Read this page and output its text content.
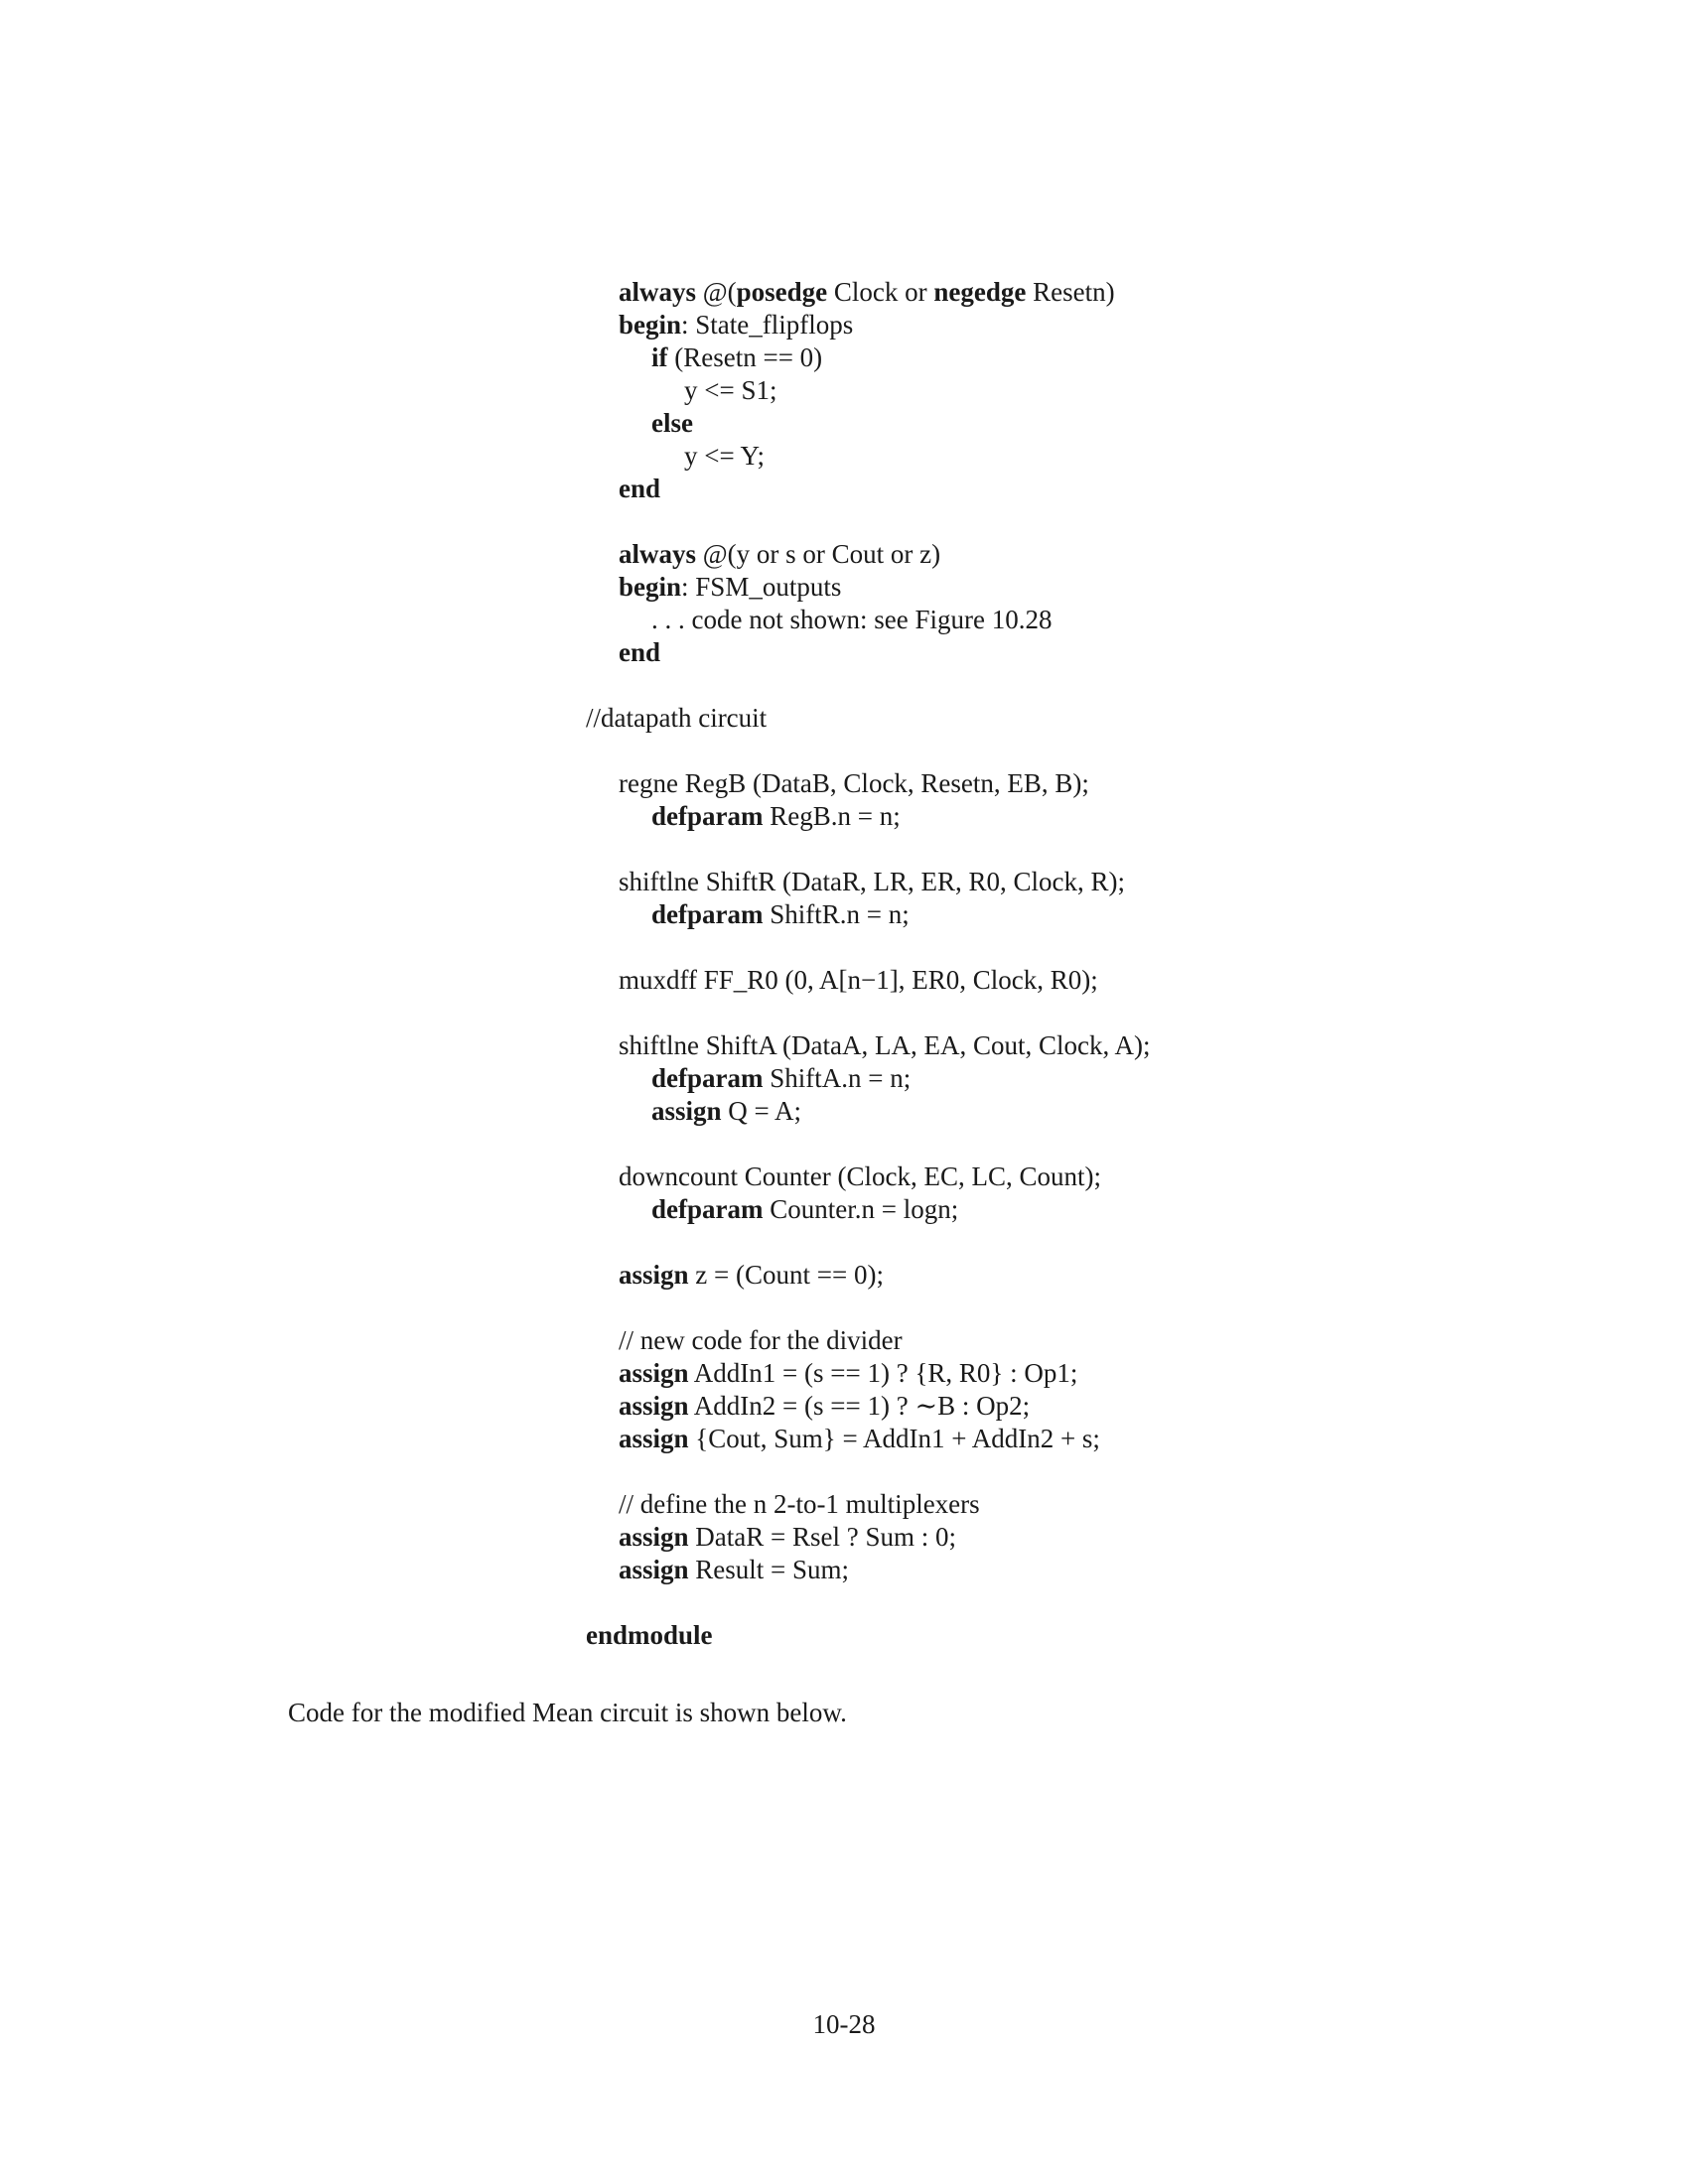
always @(posedge Clock or negedge Resetn)
begin: State_flipflops
if (Resetn == 0)
y <= S1;
else
y <= Y;
end
always @(y or s or Cout or z)
begin: FSM_outputs
. . . code not shown: see Figure 10.28
end
//datapath circuit
regne RegB (DataB, Clock, Resetn, EB, B);
defparam RegB.n = n;
shiftlne ShiftR (DataR, LR, ER, R0, Clock, R);
defparam ShiftR.n = n;
muxdff FF_R0 (0, A[n−1], ER0, Clock, R0);
shiftlne ShiftA (DataA, LA, EA, Cout, Clock, A);
defparam ShiftA.n = n;
assign Q = A;
downcount Counter (Clock, EC, LC, Count);
defparam Counter.n = logn;
assign z = (Count == 0);
// new code for the divider
assign AddIn1 = (s == 1) ? {R, R0} : Op1;
assign AddIn2 = (s == 1) ? ∼B : Op2;
assign {Cout, Sum} = AddIn1 + AddIn2 + s;
// define the n 2-to-1 multiplexers
assign DataR = Rsel ? Sum : 0;
assign Result = Sum;
endmodule
Code for the modified Mean circuit is shown below.
10-28
